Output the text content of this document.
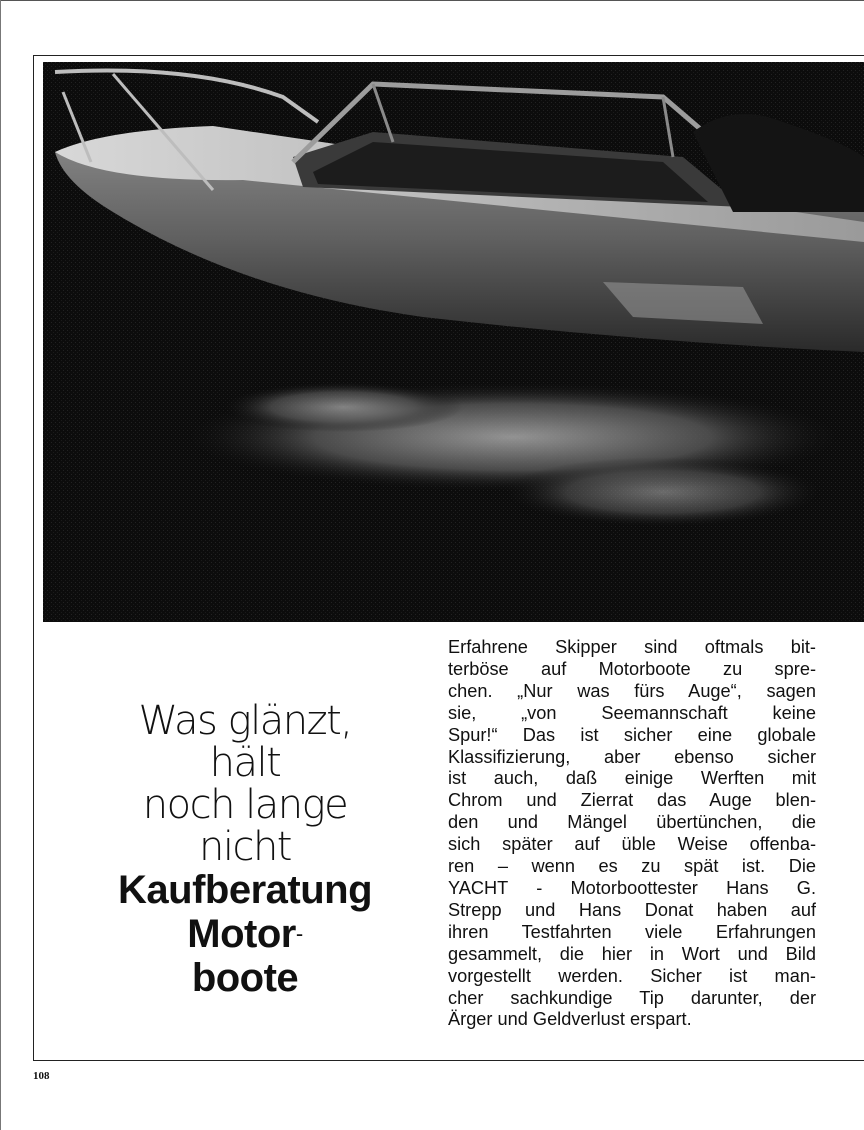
Was glänzt,
hält
noch lange
nicht
Kaufberatung
Motor-
boote
Erfahrene Skipper sind oftmals bit-
terböse auf Motorboote zu spre-
chen. „Nur was fürs Auge“, sagen
sie, „von Seemannschaft keine
Spur!“ Das ist sicher eine globale
Klassifizierung, aber ebenso sicher
ist auch, daß einige Werften mit
Chrom und Zierrat das Auge blen-
den und Mängel übertünchen, die
sich später auf üble Weise offenba-
ren – wenn es zu spät ist. Die
YACHT - Motorboottester Hans G.
Strepp und Hans Donat haben auf
ihren Testfahrten viele Erfahrungen
gesammelt, die hier in Wort und Bild
vorgestellt werden. Sicher ist man-
cher sachkundige Tip darunter, der
Ärger und Geldverlust erspart.
108
